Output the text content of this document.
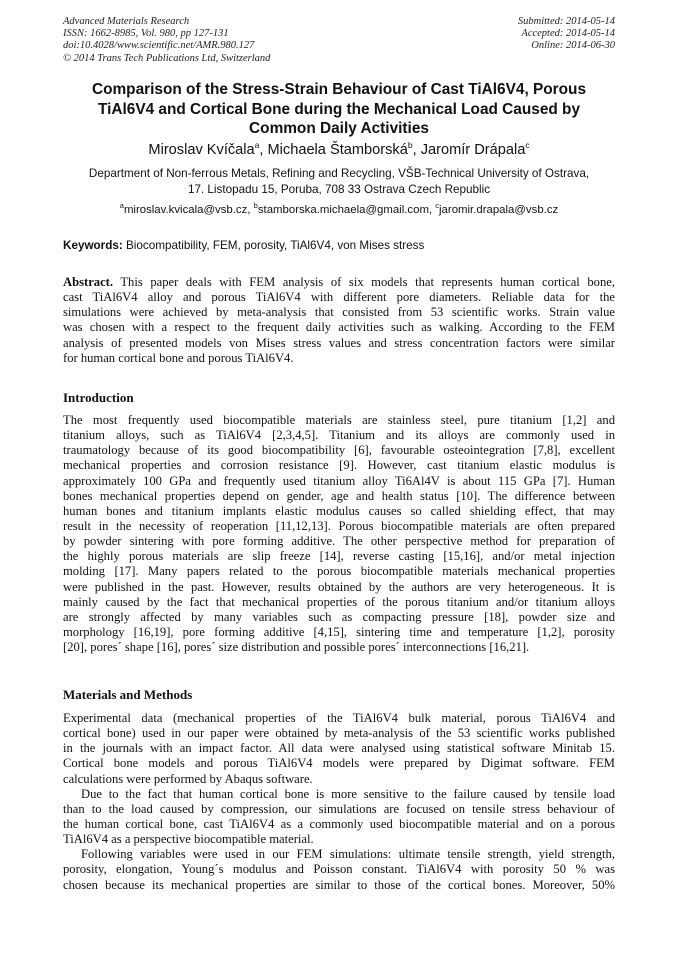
Advanced Materials Research
ISSN: 1662-8985, Vol. 980, pp 127-131
doi:10.4028/www.scientific.net/AMR.980.127
© 2014 Trans Tech Publications Ltd, Switzerland
Submitted: 2014-05-14
Accepted: 2014-05-14
Online: 2014-06-30
Comparison of the Stress-Strain Behaviour of Cast TiAl6V4, Porous
TiAl6V4 and Cortical Bone during the Mechanical Load Caused by
Common Daily Activities
Miroslav Kvíčala$^a$, Michaela Štamborská$^b$, Jaromír Drápala$^c$
Department of Non-ferrous Metals, Refining and Recycling, VŠB-Technical University of Ostrava,
17. Listopadu 15, Poruba, 708 33 Ostrava Czech Republic
$^a$miroslav.kvicala@vsb.cz, $^b$stamborska.michaela@gmail.com, $^c$jaromir.drapala@vsb.cz
Keywords: Biocompatibility, FEM, porosity, TiAl6V4, von Mises stress
Abstract. This paper deals with FEM analysis of six models that represents human cortical bone,
cast TiAl6V4 alloy and porous TiAl6V4 with different pore diameters. Reliable data for the
simulations were achieved by meta-analysis that consisted from 53 scientific works. Strain value
was chosen with a respect to the frequent daily activities such as walking. According to the FEM
analysis of presented models von Mises stress values and stress concentration factors were similar
for human cortical bone and porous TiAl6V4.
Introduction
The most frequently used biocompatible materials are stainless steel, pure titanium [1,2] and
titanium alloys, such as TiAl6V4 [2,3,4,5]. Titanium and its alloys are commonly used in
traumatology because of its good biocompatibility [6], favourable osteointegration [7,8], excellent
mechanical properties and corrosion resistance [9]. However, cast titanium elastic modulus is
approximately 100 GPa and frequently used titanium alloy Ti6Al4V is about 115 GPa [7]. Human
bones mechanical properties depend on gender, age and health status [10]. The difference between
human bones and titanium implants elastic modulus causes so called shielding effect, that may
result in the necessity of reoperation [11,12,13]. Porous biocompatible materials are often prepared
by powder sintering with pore forming additive. The other perspective method for preparation of
the highly porous materials are slip freeze [14], reverse casting [15,16], and/or metal injection
molding [17]. Many papers related to the porous biocompatible materials mechanical properties
were published in the past. However, results obtained by the authors are very heterogeneous. It is
mainly caused by the fact that mechanical properties of the porous titanium and/or titanium alloys
are strongly affected by many variables such as compacting pressure [18], powder size and
morphology [16,19], pore forming additive [4,15], sintering time and temperature [1,2], porosity
[20], pores´ shape [16], pores´ size distribution and possible pores´ interconnections [16,21].
Materials and Methods
Experimental data (mechanical properties of the TiAl6V4 bulk material, porous TiAl6V4 and
cortical bone) used in our paper were obtained by meta-analysis of the 53 scientific works published
in the journals with an impact factor. All data were analysed using statistical software Minitab 15.
Cortical bone models and porous TiAl6V4 models were prepared by Digimat software. FEM
calculations were performed by Abaqus software.
Due to the fact that human cortical bone is more sensitive to the failure caused by tensile load
than to the load caused by compression, our simulations are focused on tensile stress behaviour of
the human cortical bone, cast TiAl6V4 as a commonly used biocompatible material and on a porous
TiAl6V4 as a perspective biocompatible material.
Following variables were used in our FEM simulations: ultimate tensile strength, yield strength,
porosity, elongation, Young´s modulus and Poisson constant. TiAl6V4 with porosity 50 % was
chosen because its mechanical properties are similar to those of the cortical bones. Moreover, 50%
